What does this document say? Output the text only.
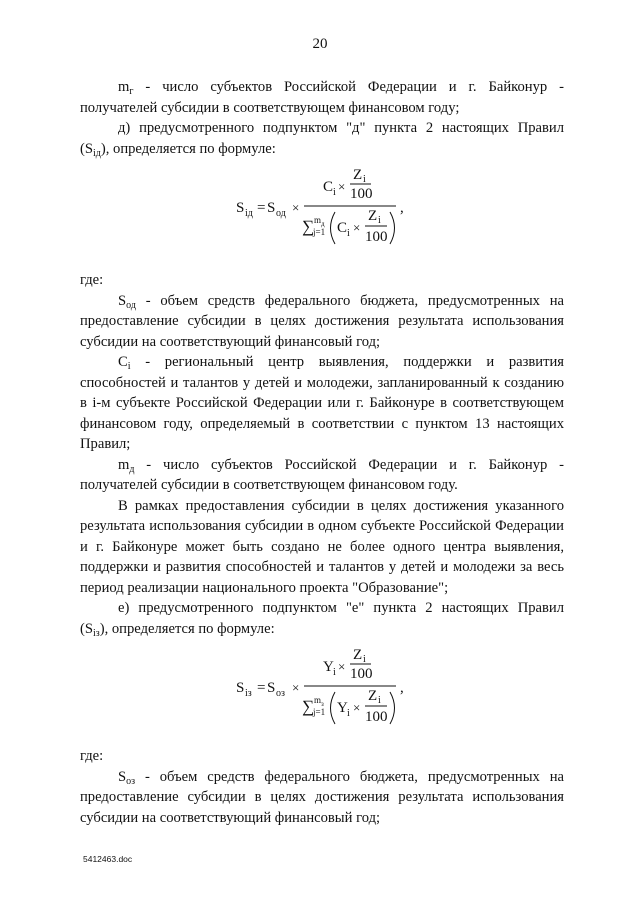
20

$m_г$ - число субъектов Российской Федерации и г. Байконур -

получателей субсидии в соответствующем финансовом году;

д) предусмотренного подпунктом "д" пункта 2 настоящих Правил

$(S_{iд})$, определяется по формуле:

S iд = S од ×
C i ×
Z i
100
∑ m д
j=1 C i ×
Z i
100
,

где:

$S_{од}$ - объем средств федерального бюджета, предусмотренных на предоставление субсидии в целях достижения результата использования субсидии на соответствующий финансовый год;

$C_i$ - региональный центр выявления, поддержки и развития способностей и талантов у детей и молодежи, запланированный к созданию в i-м субъекте Российской Федерации или г. Байконуре в соответствующем финансовом году, определяемый в соответствии с пунктом 13 настоящих Правил;

$m_д$ - число субъектов Российской Федерации и г. Байконур - получателей субсидии в соответствующем финансовом году.

В рамках предоставления субсидии в целях достижения указанного результата использования субсидии в одном субъекте Российской Федерации и г. Байконуре может быть создано не более одного центра выявления, поддержки и развития способностей и талантов у детей и молодежи за весь период реализации национального проекта "Образование";

е) предусмотренного подпунктом "е" пункта 2 настоящих Правил

$(S_{iз})$, определяется по формуле:

S iз = S оз ×
Y i ×
Z i
100
∑ m з
j=1 Y i ×
Z i
100
,

где:

$S_{оз}$ - объем средств федерального бюджета, предусмотренных на предоставление субсидии в целях достижения результата использования субсидии на соответствующий финансовый год;

5412463.doc
